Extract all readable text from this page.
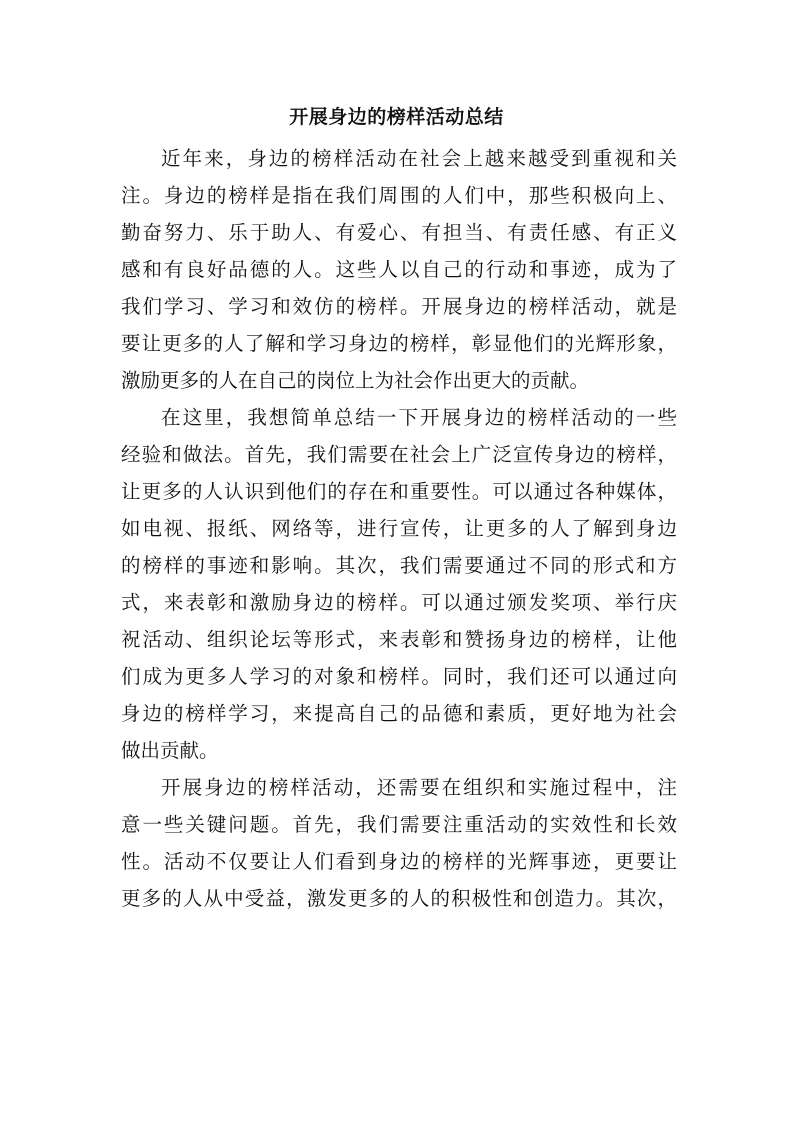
开展身边的榜样活动总结
近年来，身边的榜样活动在社会上越来越受到重视和关
注。身边的榜样是指在我们周围的人们中，那些积极向上、
勤奋努力、乐于助人、有爱心、有担当、有责任感、有正义
感和有良好品德的人。这些人以自己的行动和事迹，成为了
我们学习、学习和效仿的榜样。开展身边的榜样活动，就是
要让更多的人了解和学习身边的榜样，彰显他们的光辉形象，
激励更多的人在自己的岗位上为社会作出更大的贡献。
在这里，我想简单总结一下开展身边的榜样活动的一些
经验和做法。首先，我们需要在社会上广泛宣传身边的榜样，
让更多的人认识到他们的存在和重要性。可以通过各种媒体，
如电视、报纸、网络等，进行宣传，让更多的人了解到身边
的榜样的事迹和影响。其次，我们需要通过不同的形式和方
式，来表彰和激励身边的榜样。可以通过颁发奖项、举行庆
祝活动、组织论坛等形式，来表彰和赞扬身边的榜样，让他
们成为更多人学习的对象和榜样。同时，我们还可以通过向
身边的榜样学习，来提高自己的品德和素质，更好地为社会
做出贡献。
开展身边的榜样活动，还需要在组织和实施过程中，注
意一些关键问题。首先，我们需要注重活动的实效性和长效
性。活动不仅要让人们看到身边的榜样的光辉事迹，更要让
更多的人从中受益，激发更多的人的积极性和创造力。其次，
